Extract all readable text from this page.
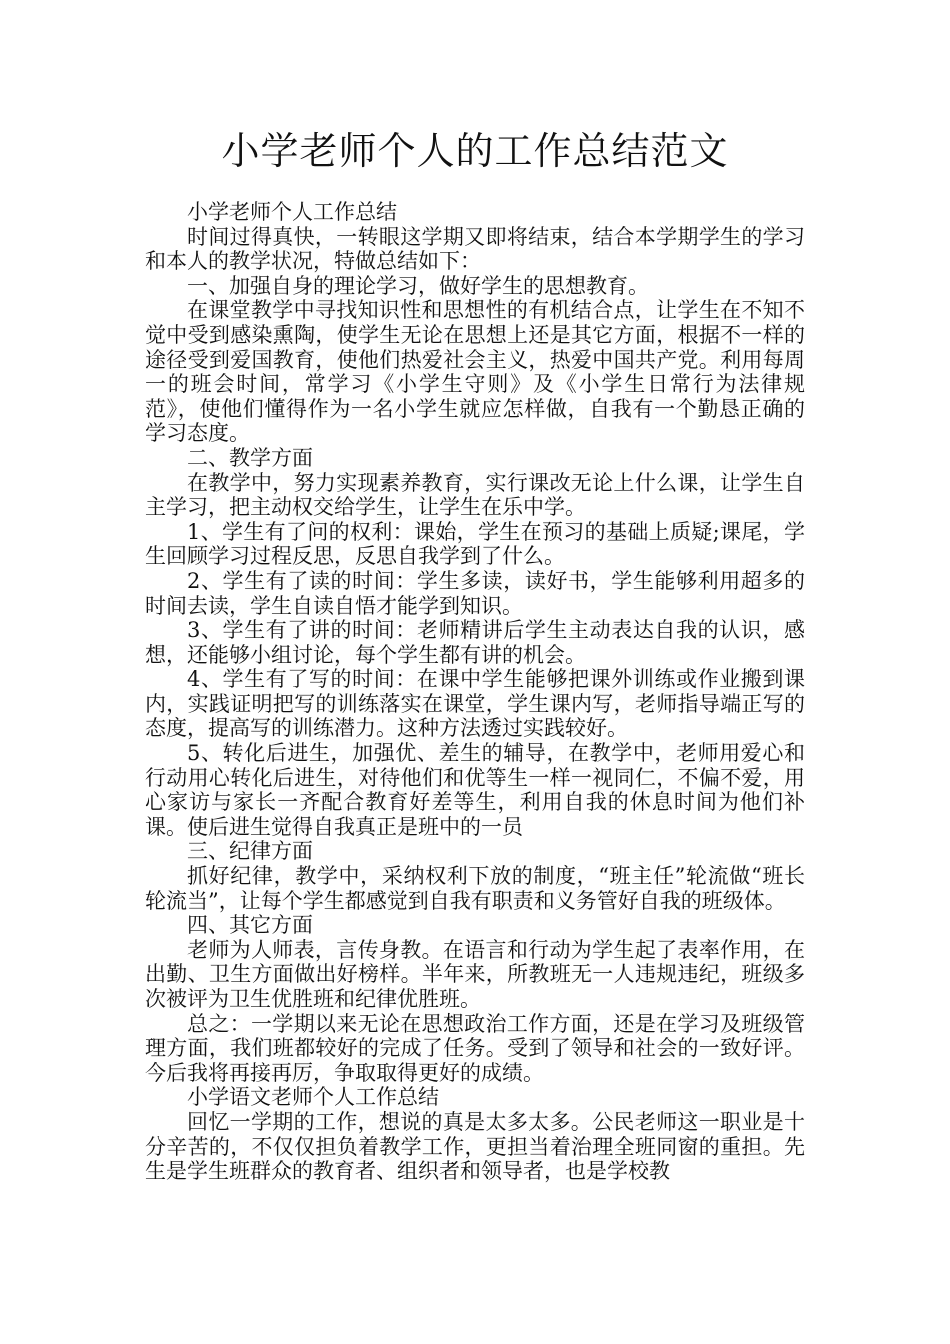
小学老师个人的工作总结范文

小学老师个人工作总结

时间过得真快，一转眼这学期又即将结束，结合本学期学生的学习和本人的教学状况，特做总结如下：

一、加强自身的理论学习，做好学生的思想教育。

在课堂教学中寻找知识性和思想性的有机结合点，让学生在不知不觉中受到感染熏陶，使学生无论在思想上还是其它方面，根据不一样的途径受到爱国教育，使他们热爱社会主义，热爱中国共产党。利用每周一的班会时间，常学习《小学生守则》及《小学生日常行为法律规范》，使他们懂得作为一名小学生就应怎样做，自我有一个勤恳正确的学习态度。

二、教学方面

在教学中，努力实现素养教育，实行课改无论上什么课，让学生自主学习，把主动权交给学生，让学生在乐中学。

1、学生有了问的权利：课始，学生在预习的基础上质疑;课尾，学生回顾学习过程反思，反思自我学到了什么。

2、学生有了读的时间：学生多读，读好书，学生能够利用超多的时间去读，学生自读自悟才能学到知识。

3、学生有了讲的时间：老师精讲后学生主动表达自我的认识，感想，还能够小组讨论，每个学生都有讲的机会。

4、学生有了写的时间：在课中学生能够把课外训练或作业搬到课内，实践证明把写的训练落实在课堂，学生课内写，老师指导端正写的态度，提高写的训练潜力。这种方法透过实践较好。

5、转化后进生，加强优、差生的辅导，在教学中，老师用爱心和行动用心转化后进生，对待他们和优等生一样一视同仁，不偏不爱，用心家访与家长一齐配合教育好差等生，利用自我的休息时间为他们补课。使后进生觉得自我真正是班中的一员

三、纪律方面

抓好纪律，教学中，采纳权利下放的制度，“班主任”轮流做“班长轮流当”，让每个学生都感觉到自我有职责和义务管好自我的班级体。

四、其它方面

老师为人师表，言传身教。在语言和行动为学生起了表率作用，在出勤、卫生方面做出好榜样。半年来，所教班无一人违规违纪，班级多次被评为卫生优胜班和纪律优胜班。

总之：一学期以来无论在思想政治工作方面，还是在学习及班级管理方面，我们班都较好的完成了任务。受到了领导和社会的一致好评。今后我将再接再厉，争取取得更好的成绩。

小学语文老师个人工作总结

回忆一学期的工作，想说的真是太多太多。公民老师这一职业是十分辛苦的，不仅仅担负着教学工作，更担当着治理全班同窗的重担。先生是学生班群众的教育者、组织者和领导者，也是学校教
